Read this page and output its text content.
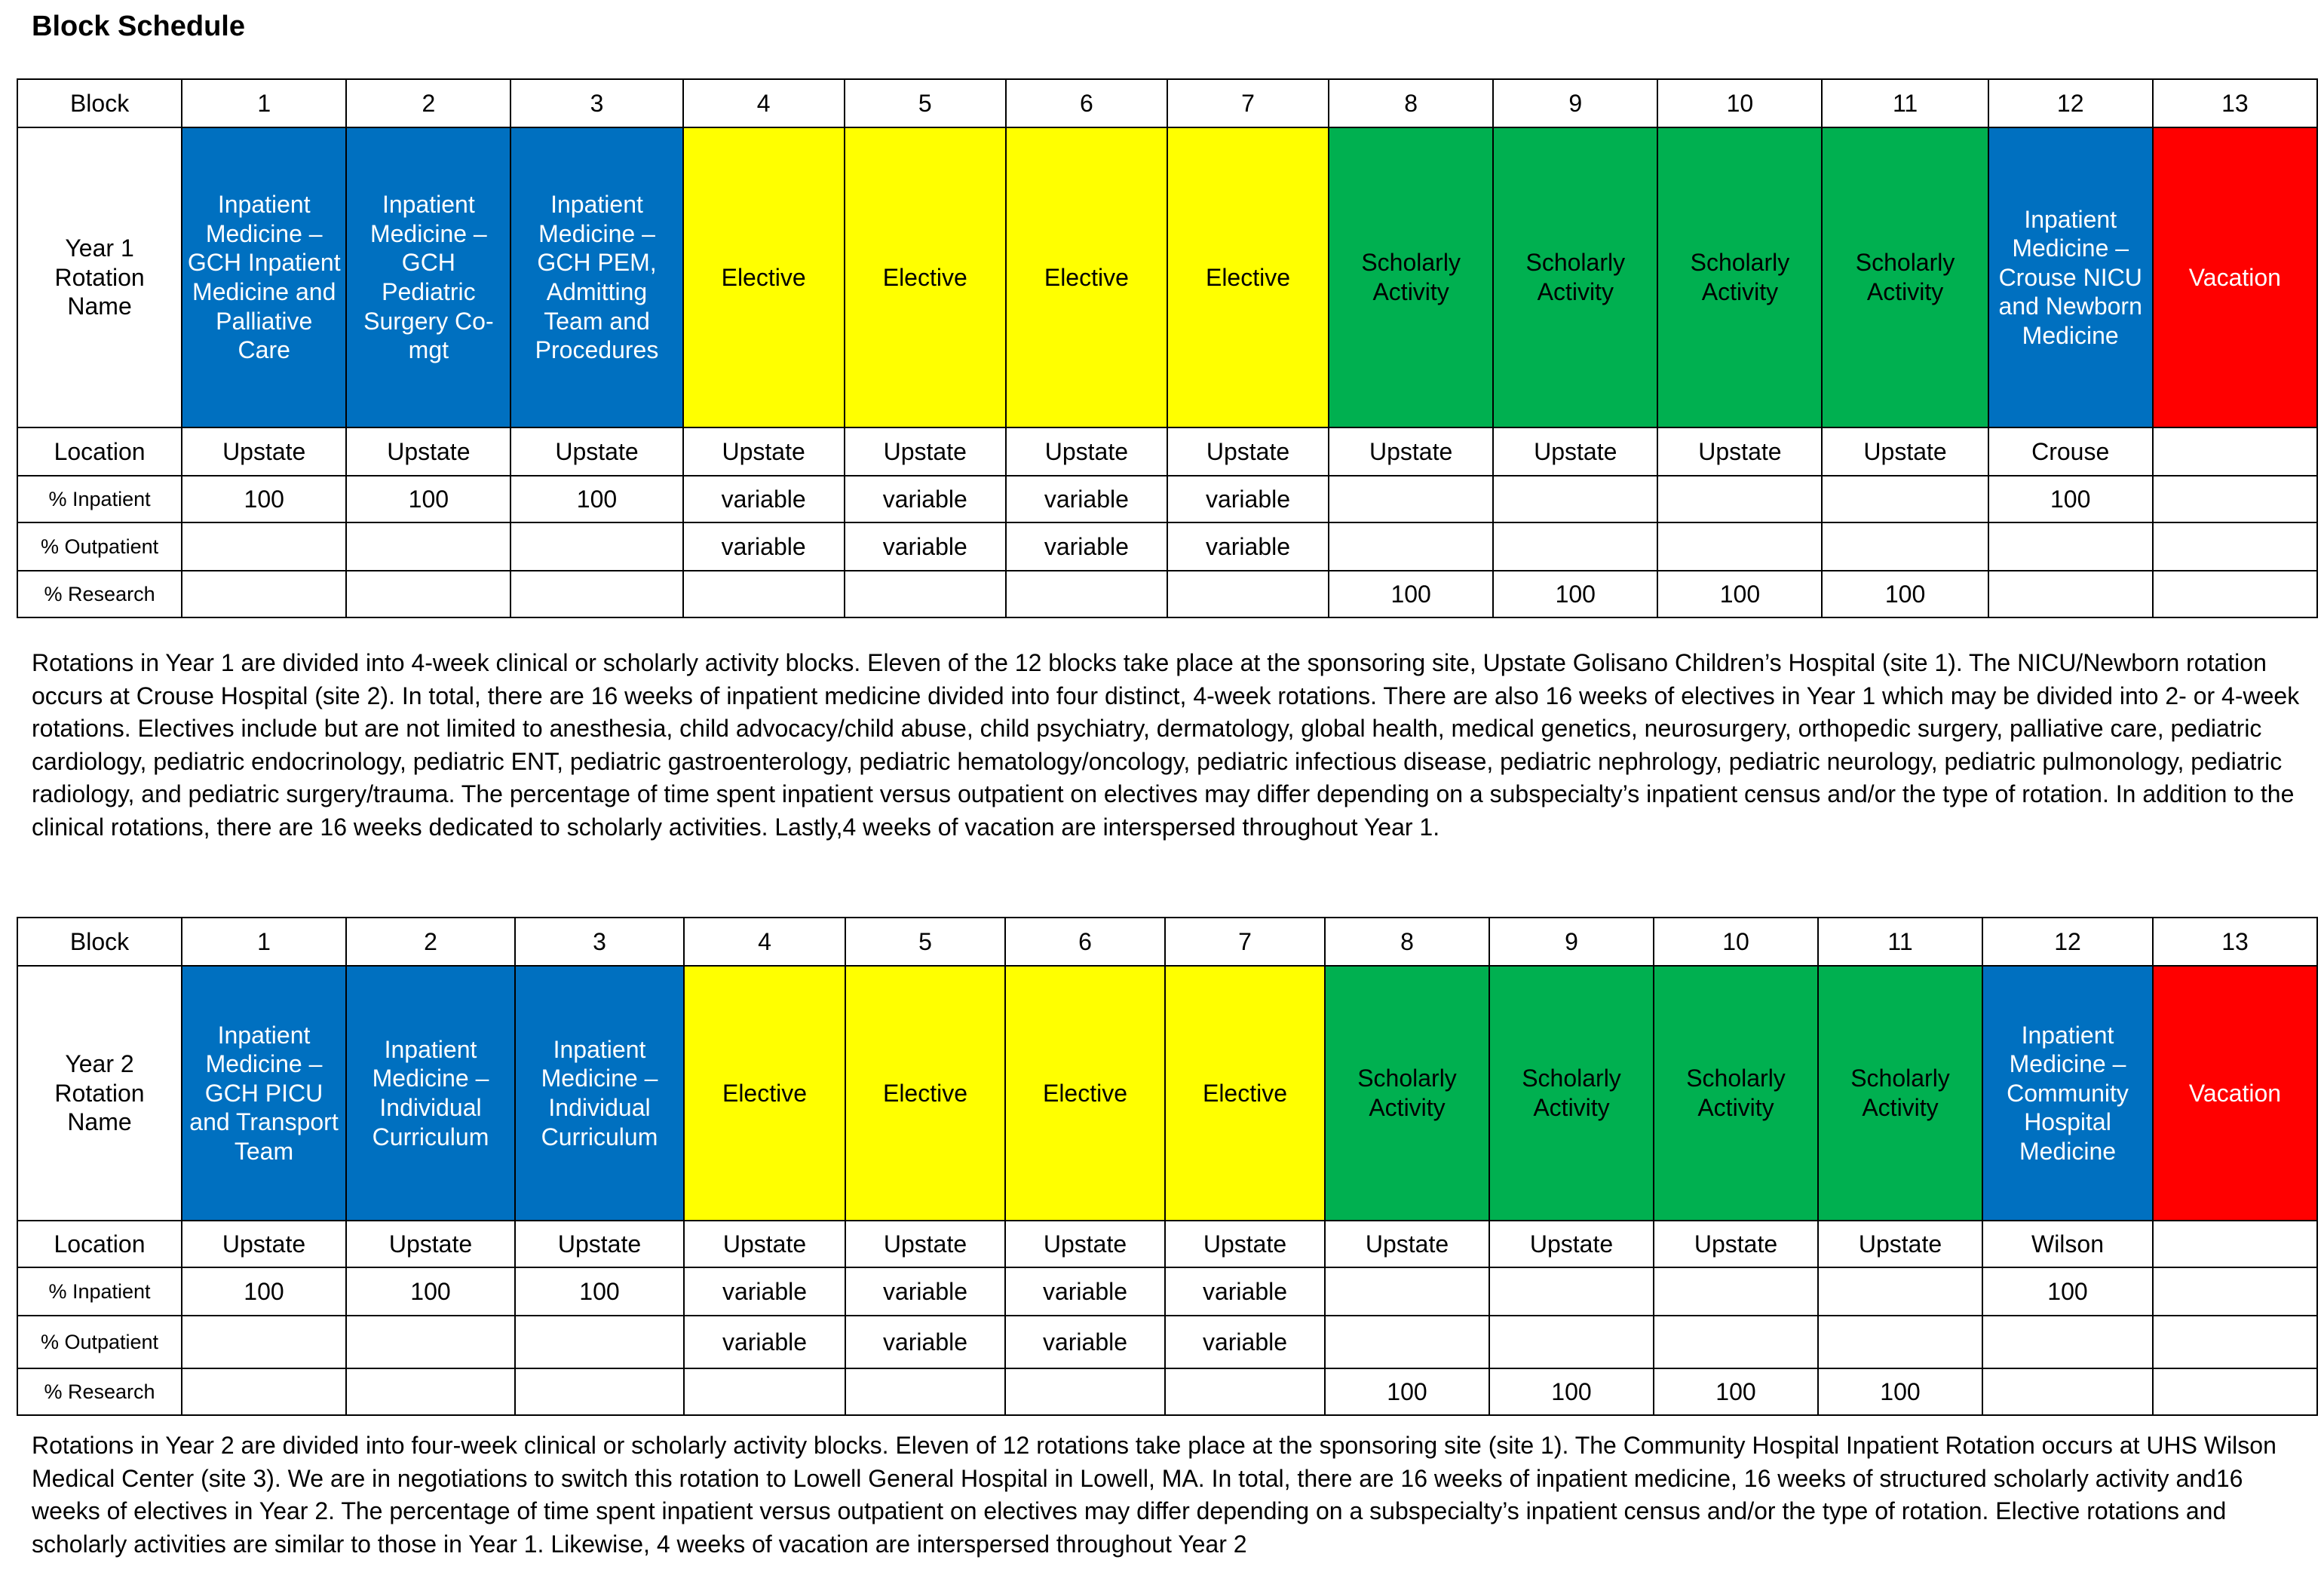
Block Schedule
Block	1	2	3	4	5	6	7	8	9	10	11	12	13
Year 1 Rotation Name	Inpatient Medicine – GCH Inpatient Medicine and Palliative Care	Inpatient Medicine – GCH Pediatric Surgery Co-mgt	Inpatient Medicine – GCH PEM, Admitting Team and Procedures	Elective	Elective	Elective	Elective	Scholarly Activity	Scholarly Activity	Scholarly Activity	Scholarly Activity	Inpatient Medicine – Crouse NICU and Newborn Medicine	Vacation
Location	Upstate	Upstate	Upstate	Upstate	Upstate	Upstate	Upstate	Upstate	Upstate	Upstate	Upstate	Crouse	
% Inpatient	100	100	100	variable	variable	variable	variable					100	
% Outpatient				variable	variable	variable	variable						
% Research								100	100	100	100		
Rotations in Year 1 are divided into 4-week clinical or scholarly activity blocks. Eleven of the 12 blocks take place at the sponsoring site, Upstate Golisano Children’s Hospital (site 1). The NICU/Newborn rotation occurs at Crouse Hospital (site 2). In total, there are 16 weeks of inpatient medicine divided into four distinct, 4-week rotations. There are also 16 weeks of electives in Year 1 which may be divided into 2- or 4-week rotations. Electives include but are not limited to anesthesia, child advocacy/child abuse, child psychiatry, dermatology, global health, medical genetics, neurosurgery, orthopedic surgery, palliative care, pediatric cardiology, pediatric endocrinology, pediatric ENT, pediatric gastroenterology, pediatric hematology/oncology, pediatric infectious disease, pediatric nephrology, pediatric neurology, pediatric pulmonology, pediatric radiology, and pediatric surgery/trauma. The percentage of time spent inpatient versus outpatient on electives may differ depending on a subspecialty’s inpatient census and/or the type of rotation. In addition to the clinical rotations, there are 16 weeks dedicated to scholarly activities. Lastly,4 weeks of vacation are interspersed throughout Year 1.
Block	1	2	3	4	5	6	7	8	9	10	11	12	13
Year 2 Rotation Name	Inpatient Medicine – GCH PICU and Transport Team	Inpatient Medicine – Individual Curriculum	Inpatient Medicine – Individual Curriculum	Elective	Elective	Elective	Elective	Scholarly Activity	Scholarly Activity	Scholarly Activity	Scholarly Activity	Inpatient Medicine – Community Hospital Medicine	Vacation
Location	Upstate	Upstate	Upstate	Upstate	Upstate	Upstate	Upstate	Upstate	Upstate	Upstate	Upstate	Wilson	
% Inpatient	100	100	100	variable	variable	variable	variable					100	
% Outpatient				variable	variable	variable	variable						
% Research								100	100	100	100		
Rotations in Year 2 are divided into four-week clinical or scholarly activity blocks. Eleven of 12 rotations take place at the sponsoring site (site 1). The Community Hospital Inpatient Rotation occurs at UHS Wilson Medical Center (site 3). We are in negotiations to switch this rotation to Lowell General Hospital in Lowell, MA. In total, there are 16 weeks of inpatient medicine, 16 weeks of structured scholarly activity and16 weeks of electives in Year 2. The percentage of time spent inpatient versus outpatient on electives may differ depending on a subspecialty’s inpatient census and/or the type of rotation. Elective rotations and scholarly activities are similar to those in Year 1. Likewise, 4 weeks of vacation are interspersed throughout Year 2
